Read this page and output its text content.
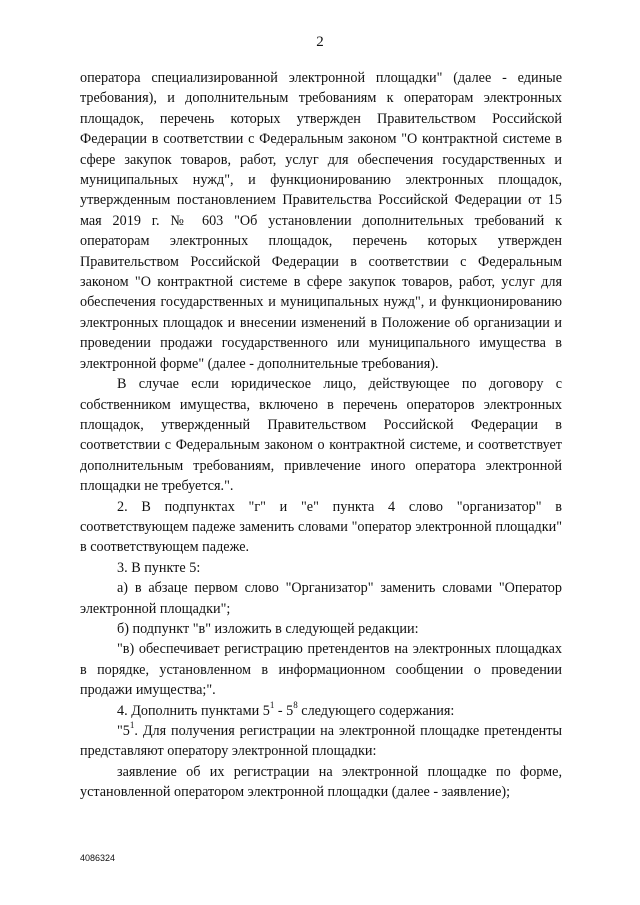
2

оператора специализированной электронной площадки" (далее - единые требования), и дополнительным требованиям к операторам электронных площадок, перечень которых утвержден Правительством Российской Федерации в соответствии с Федеральным законом "О контрактной системе в сфере закупок товаров, работ, услуг для обеспечения государственных и муниципальных нужд", и функционированию электронных площадок, утвержденным постановлением Правительства Российской Федерации от 15 мая 2019 г. № 603 "Об установлении дополнительных требований к операторам электронных площадок, перечень которых утвержден Правительством Российской Федерации в соответствии с Федеральным законом "О контрактной системе в сфере закупок товаров, работ, услуг для обеспечения государственных и муниципальных нужд", и функционированию электронных площадок и внесении изменений в Положение об организации и проведении продажи государственного или муниципального имущества в электронной форме" (далее - дополнительные требования).

В случае если юридическое лицо, действующее по договору с собственником имущества, включено в перечень операторов электронных площадок, утвержденный Правительством Российской Федерации в соответствии с Федеральным законом о контрактной системе, и соответствует дополнительным требованиям, привлечение иного оператора электронной площадки не требуется.".

2. В подпунктах "г" и "е" пункта 4 слово "организатор" в соответствующем падеже заменить словами "оператор электронной площадки" в соответствующем падеже.

3. В пункте 5:

а) в абзаце первом слово "Организатор" заменить словами "Оператор электронной площадки";

б) подпункт "в" изложить в следующей редакции:

"в) обеспечивает регистрацию претендентов на электронных площадках в порядке, установленном в информационном сообщении о проведении продажи имущества;".

4. Дополнить пунктами $5^1 - 5^8$ следующего содержания:

"$5^1$. Для получения регистрации на электронной площадке претенденты представляют оператору электронной площадки:

заявление об их регистрации на электронной площадке по форме, установленной оператором электронной площадки (далее - заявление);

4086324
